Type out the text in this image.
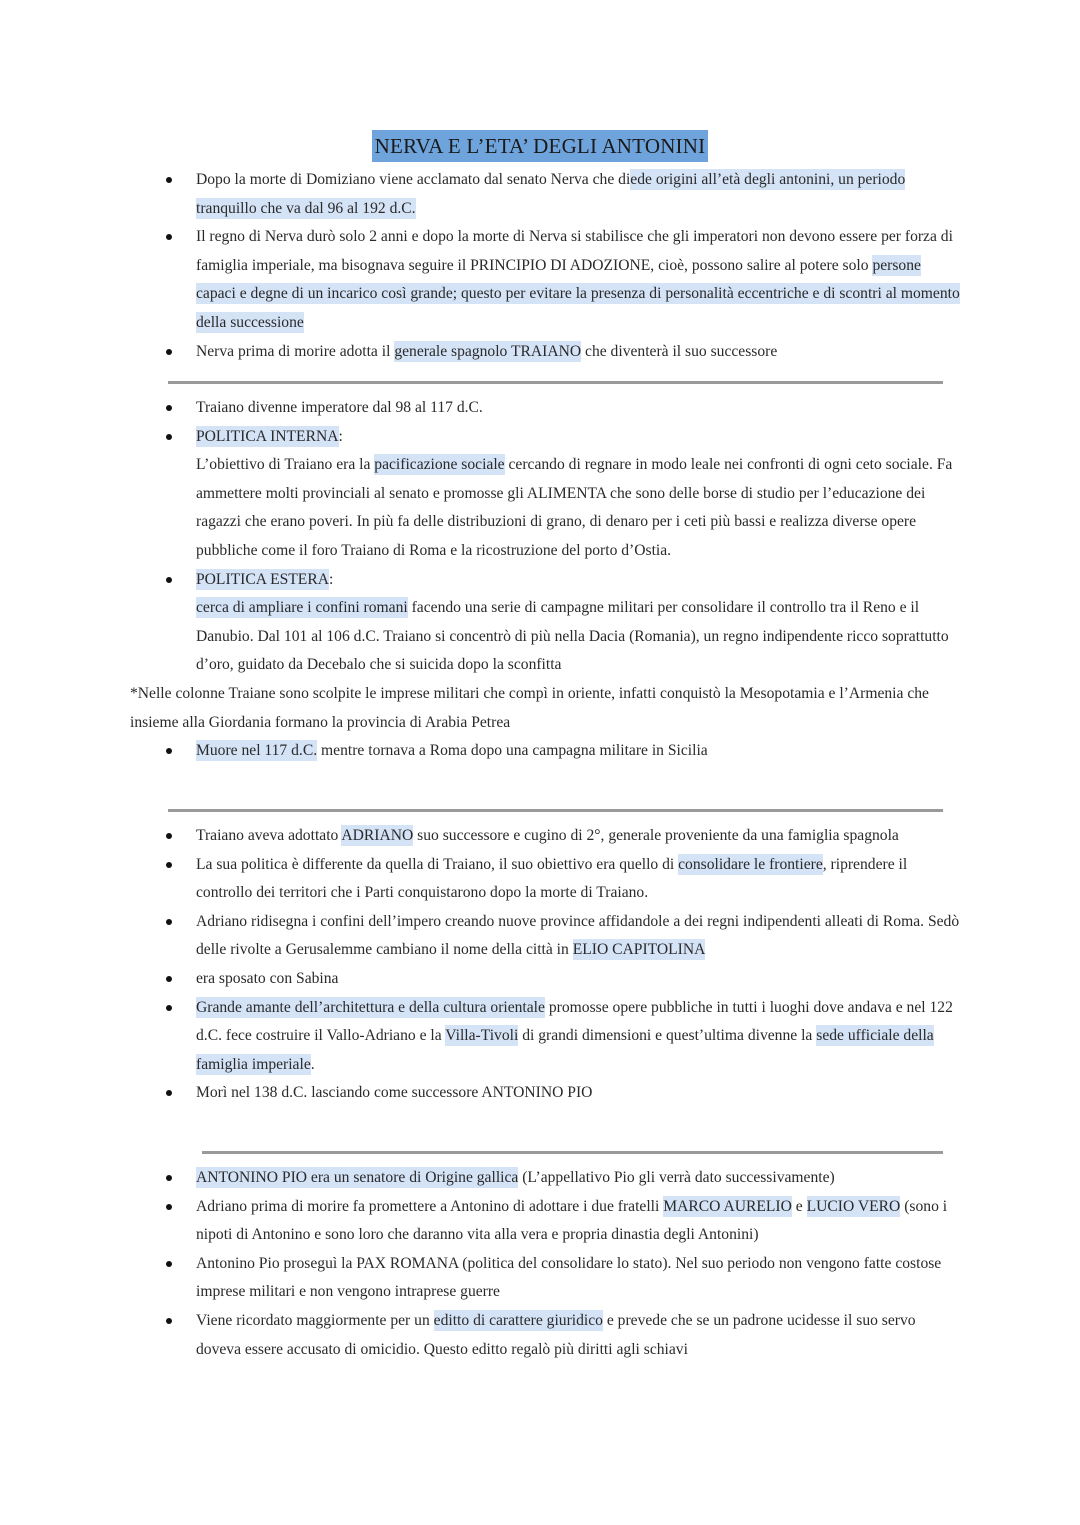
NERVA E L’ETA’ DEGLI ANTONINI
Dopo la morte di Domiziano viene acclamato dal senato Nerva che diede origini all’età degli antonini, un periodo tranquillo che va dal 96 al 192 d.C.
Il regno di Nerva durò solo 2 anni e dopo la morte di Nerva si stabilisce che gli imperatori non devono essere per forza di famiglia imperiale, ma bisognava seguire il PRINCIPIO DI ADOZIONE, cioè, possono salire al potere solo persone capaci e degne di un incarico così grande; questo per evitare la presenza di personalità eccentriche e di scontri al momento della successione
Nerva prima di morire adotta il generale spagnolo TRAIANO che diventerà il suo successore
Traiano divenne imperatore dal 98 al 117 d.C.
POLITICA INTERNA:
L’obiettivo di Traiano era la pacificazione sociale cercando di regnare in modo leale nei confronti di ogni ceto sociale. Fa ammettere molti provinciali al senato e promosse gli ALIMENTA che sono delle borse di studio per l’educazione dei ragazzi che erano poveri. In più fa delle distribuzioni di grano, di denaro per i ceti più bassi e realizza diverse opere pubbliche come il foro Traiano di Roma e la ricostruzione del porto d’Ostia.
POLITICA ESTERA:
cerca di ampliare i confini romani facendo una serie di campagne militari per consolidare il controllo tra il Reno e il Danubio. Dal 101 al 106 d.C. Traiano si concentrò di più nella Dacia (Romania), un regno indipendente ricco soprattutto d’oro, guidato da Decebalo che si suicida dopo la sconfitta
*Nelle colonne Traiane sono scolpite le imprese militari che compì in oriente, infatti conquistò la Mesopotamia e l’Armenia che insieme alla Giordania formano la provincia di Arabia Petrea
Muore nel 117 d.C. mentre tornava a Roma dopo una campagna militare in Sicilia
Traiano aveva adottato ADRIANO suo successore e cugino di 2°, generale proveniente da una famiglia spagnola
La sua politica è differente da quella di Traiano, il suo obiettivo era quello di consolidare le frontiere, riprendere il controllo dei territori che i Parti conquistarono dopo la morte di Traiano.
Adriano ridisegna i confini dell’impero creando nuove province affidandole a dei regni indipendenti alleati di Roma. Sedò delle rivolte a Gerusalemme cambiano il nome della città in ELIO CAPITOLINA
era sposato con Sabina
Grande amante dell’architettura e della cultura orientale promosse opere pubbliche in tutti i luoghi dove andava e nel 122 d.C. fece costruire il Vallo-Adriano e la Villa-Tivoli di grandi dimensioni e quest’ultima divenne la sede ufficiale della famiglia imperiale.
Morì nel 138 d.C. lasciando come successore ANTONINO PIO
ANTONINO PIO era un senatore di Origine gallica (L’appellativo Pio gli verrà dato successivamente)
Adriano prima di morire fa promettere a Antonino di adottare i due fratelli MARCO AURELIO e LUCIO VERO (sono i nipoti di Antonino e sono loro che daranno vita alla vera e propria dinastia degli Antonini)
Antonino Pio proseguì la PAX ROMANA (politica del consolidare lo stato). Nel suo periodo non vengono fatte costose imprese militari e non vengono intraprese guerre
Viene ricordato maggiormente per un editto di carattere giuridico e prevede che se un padrone ucidesse il suo servo doveva essere accusato di omicidio. Questo editto regalò più diritti agli schiavi
